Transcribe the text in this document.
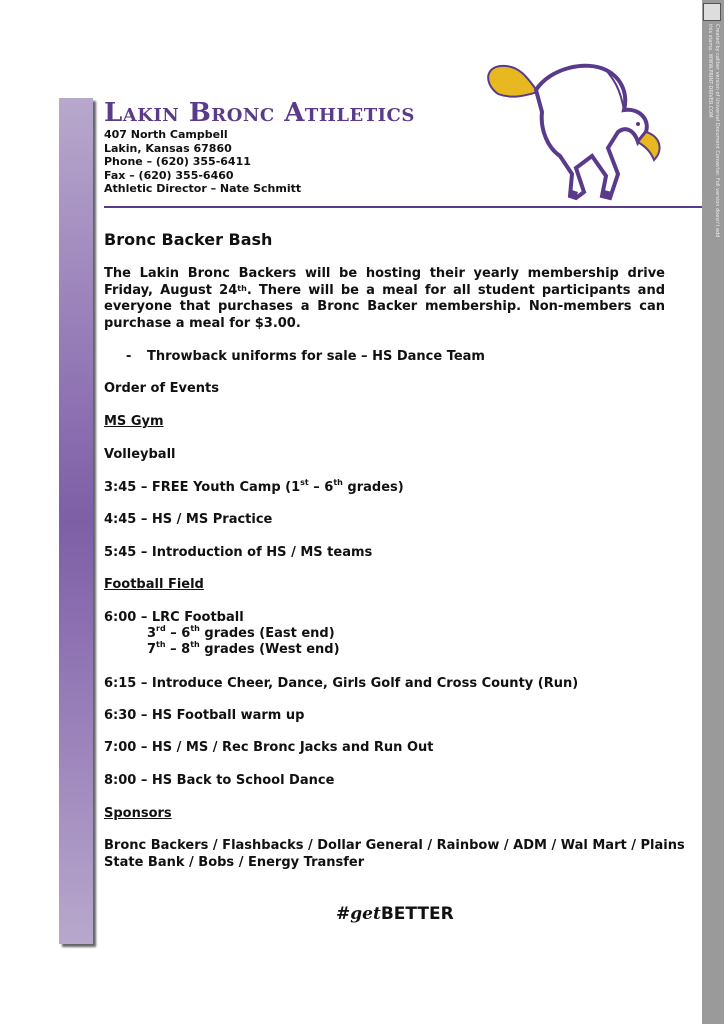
Created by caliber version of Universal Document Converter. Full version doesn't add this stamp. WWW.PRINT-DRIVER.COM
Lakin Bronc Athletics
407 North Campbell
Lakin, Kansas 67860
Phone – (620) 355-6411
Fax – (620) 355-6460
Athletic Director – Nate Schmitt
Bronc Backer Bash
The Lakin Bronc Backers will be hosting their yearly membership drive Friday, August 24th. There will be a meal for all student participants and everyone that purchases a Bronc Backer membership. Non-members can purchase a meal for $3.00.
- Throwback uniforms for sale – HS Dance Team
Order of Events
MS Gym
Volleyball
3:45 – FREE Youth Camp (1st – 6th grades)
4:45 – HS / MS Practice
5:45 – Introduction of HS / MS teams
Football Field
6:00 – LRC Football
3rd – 6th grades (East end)
7th – 8th grades (West end)
6:15 – Introduce Cheer, Dance, Girls Golf and Cross County (Run)
6:30 – HS Football warm up
7:00 – HS / MS / Rec Bronc Jacks and Run Out
8:00 – HS Back to School Dance
Sponsors
Bronc Backers / Flashbacks / Dollar General / Rainbow / ADM / Wal Mart / Plains
State Bank / Bobs / Energy Transfer
#getBETTER
